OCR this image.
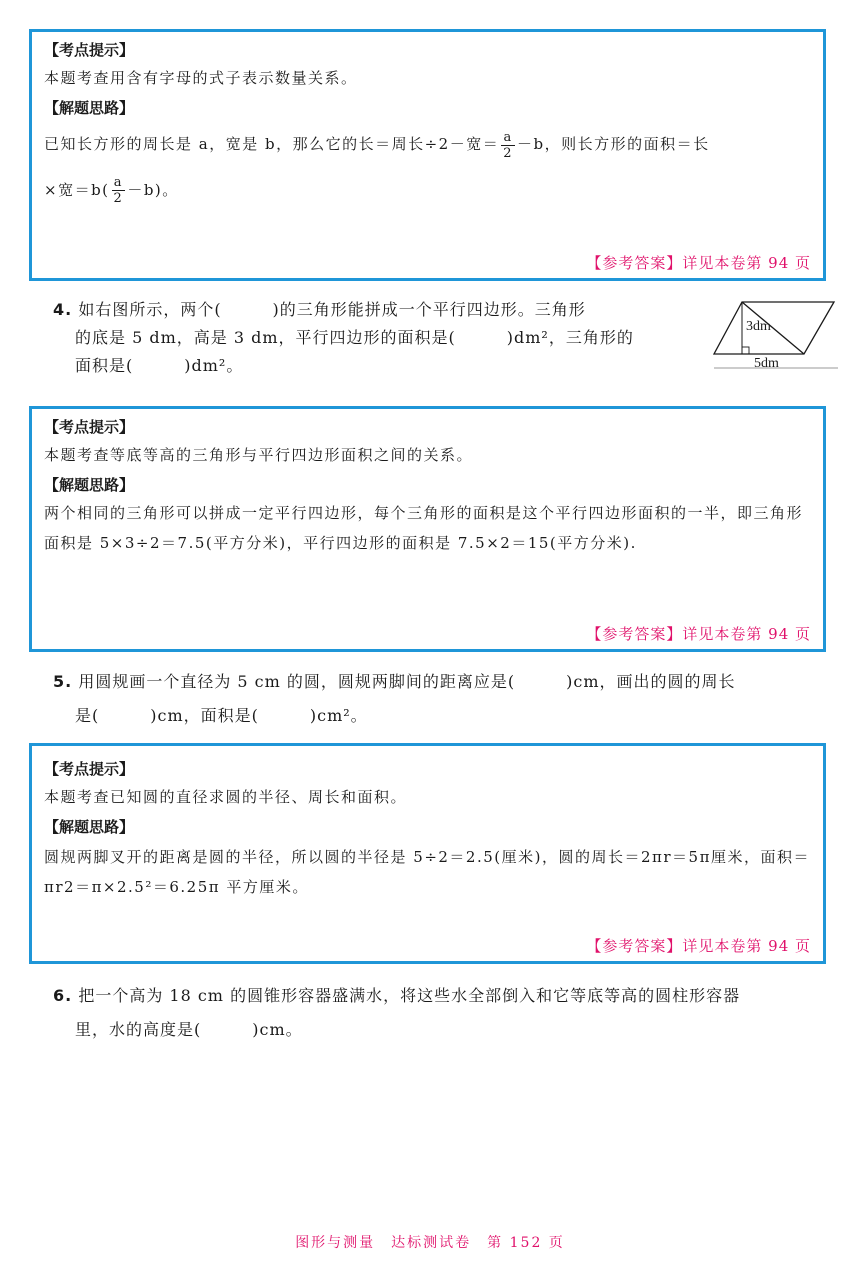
【考点提示】
本题考查用含有字母的式子表示数量关系。
【解题思路】
已知长方形的周长是 a，宽是 b，那么它的长＝周长÷2－宽＝ $\frac{a}{2} -b$，则长方形的面积＝长
×宽$=b( \frac{a}{2} -b)$。
【参考答案】详见本卷第 94 页
4. 如右图所示，两个(　　　)的三角形能拼成一个平行四边形。三角形
的底是 5 dm，高是 3 dm，平行四边形的面积是(　　　)dm²，三角形的
面积是(　　　)dm²。
3dm
5dm
【考点提示】
本题考查等底等高的三角形与平行四边形面积之间的关系。
【解题思路】
两个相同的三角形可以拼成一定平行四边形，每个三角形的面积是这个平行四边形面积的一半，即三角形面积是 5×3÷2＝7.5(平方分米)，平行四边形的面积是 7.5×2＝15(平方分米).
【参考答案】详见本卷第 94 页
5. 用圆规画一个直径为 5 cm 的圆，圆规两脚间的距离应是(　　　)cm，画出的圆的周长
是(　　　)cm，面积是(　　　)cm²。
【考点提示】
本题考查已知圆的直径求圆的半径、周长和面积。
【解题思路】
圆规两脚叉开的距离是圆的半径，所以圆的半径是 5÷2＝2.5(厘米)，圆的周长＝2πr＝5π厘米，面积＝πr2＝π×2.5²＝6.25π 平方厘米。
【参考答案】详见本卷第 94 页
6. 把一个高为 18 cm 的圆锥形容器盛满水，将这些水全部倒入和它等底等高的圆柱形容器
里，水的高度是(　　　)cm。
图形与测量　达标测试卷　第 152 页
